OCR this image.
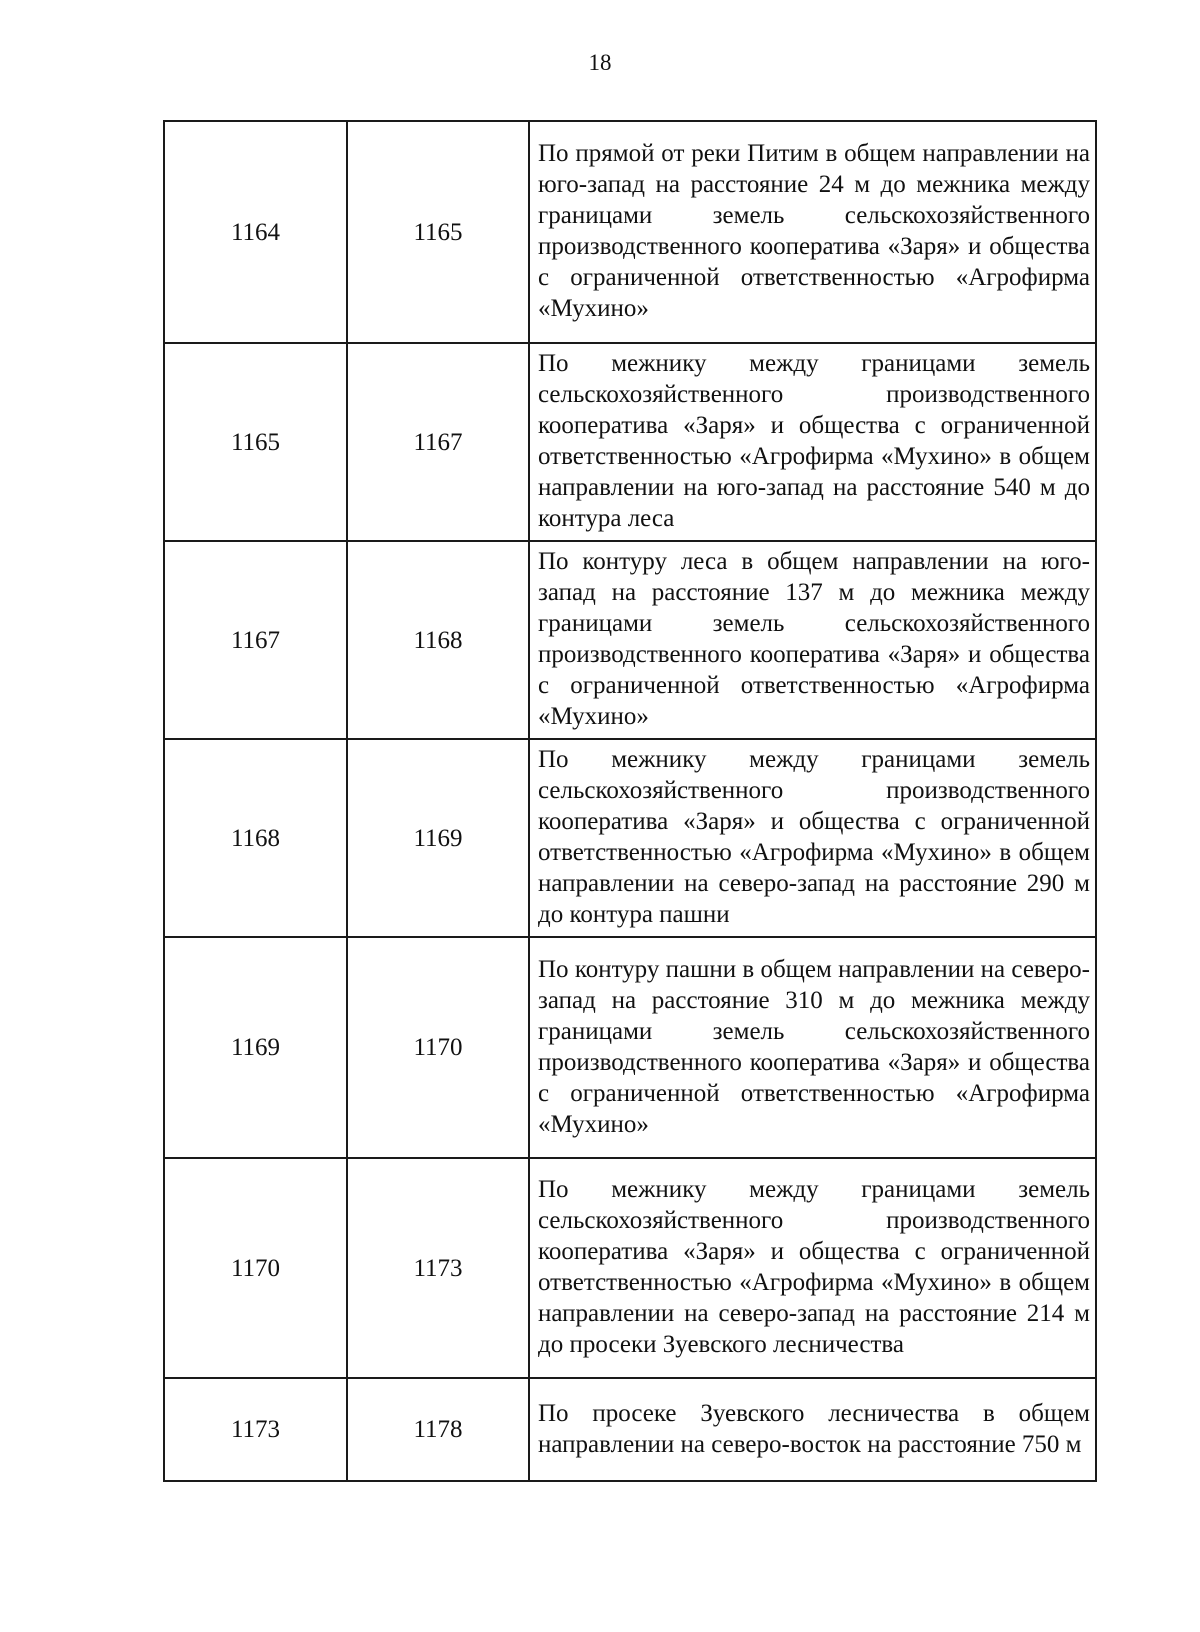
18
1164	1165	По прямой от реки Питим в общем направлении на юго-запад на расстояние 24 м до межника между границами земель сельскохозяйственного производственного кооператива «Заря» и общества с ограниченной ответственностью «Агрофирма «Мухино»
1165	1167	По межнику между границами земель сельскохозяйственного производственного кооператива «Заря» и общества с ограниченной ответственностью «Агрофирма «Мухино» в общем направлении на юго-запад на расстояние 540 м до контура леса
1167	1168	По контуру леса в общем направлении на юго-запад на расстояние 137 м до межника между границами земель сельскохозяйственного производственного кооператива «Заря» и общества с ограниченной ответственностью «Агрофирма «Мухино»
1168	1169	По межнику между границами земель сельскохозяйственного производственного кооператива «Заря» и общества с ограниченной ответственностью «Агрофирма «Мухино» в общем направлении на северо-запад на расстояние 290 м до контура пашни
1169	1170	По контуру пашни в общем направлении на северо-запад на расстояние 310 м до межника между границами земель сельскохозяйственного производственного кооператива «Заря» и общества с ограниченной ответственностью «Агрофирма «Мухино»
1170	1173	По межнику между границами земель сельскохозяйственного производственного кооператива «Заря» и общества с ограниченной ответственностью «Агрофирма «Мухино» в общем направлении на северо-запад на расстояние 214 м до просеки Зуевского лесничества
1173	1178	По просеке Зуевского лесничества в общем направлении на северо-восток на расстояние 750 м
